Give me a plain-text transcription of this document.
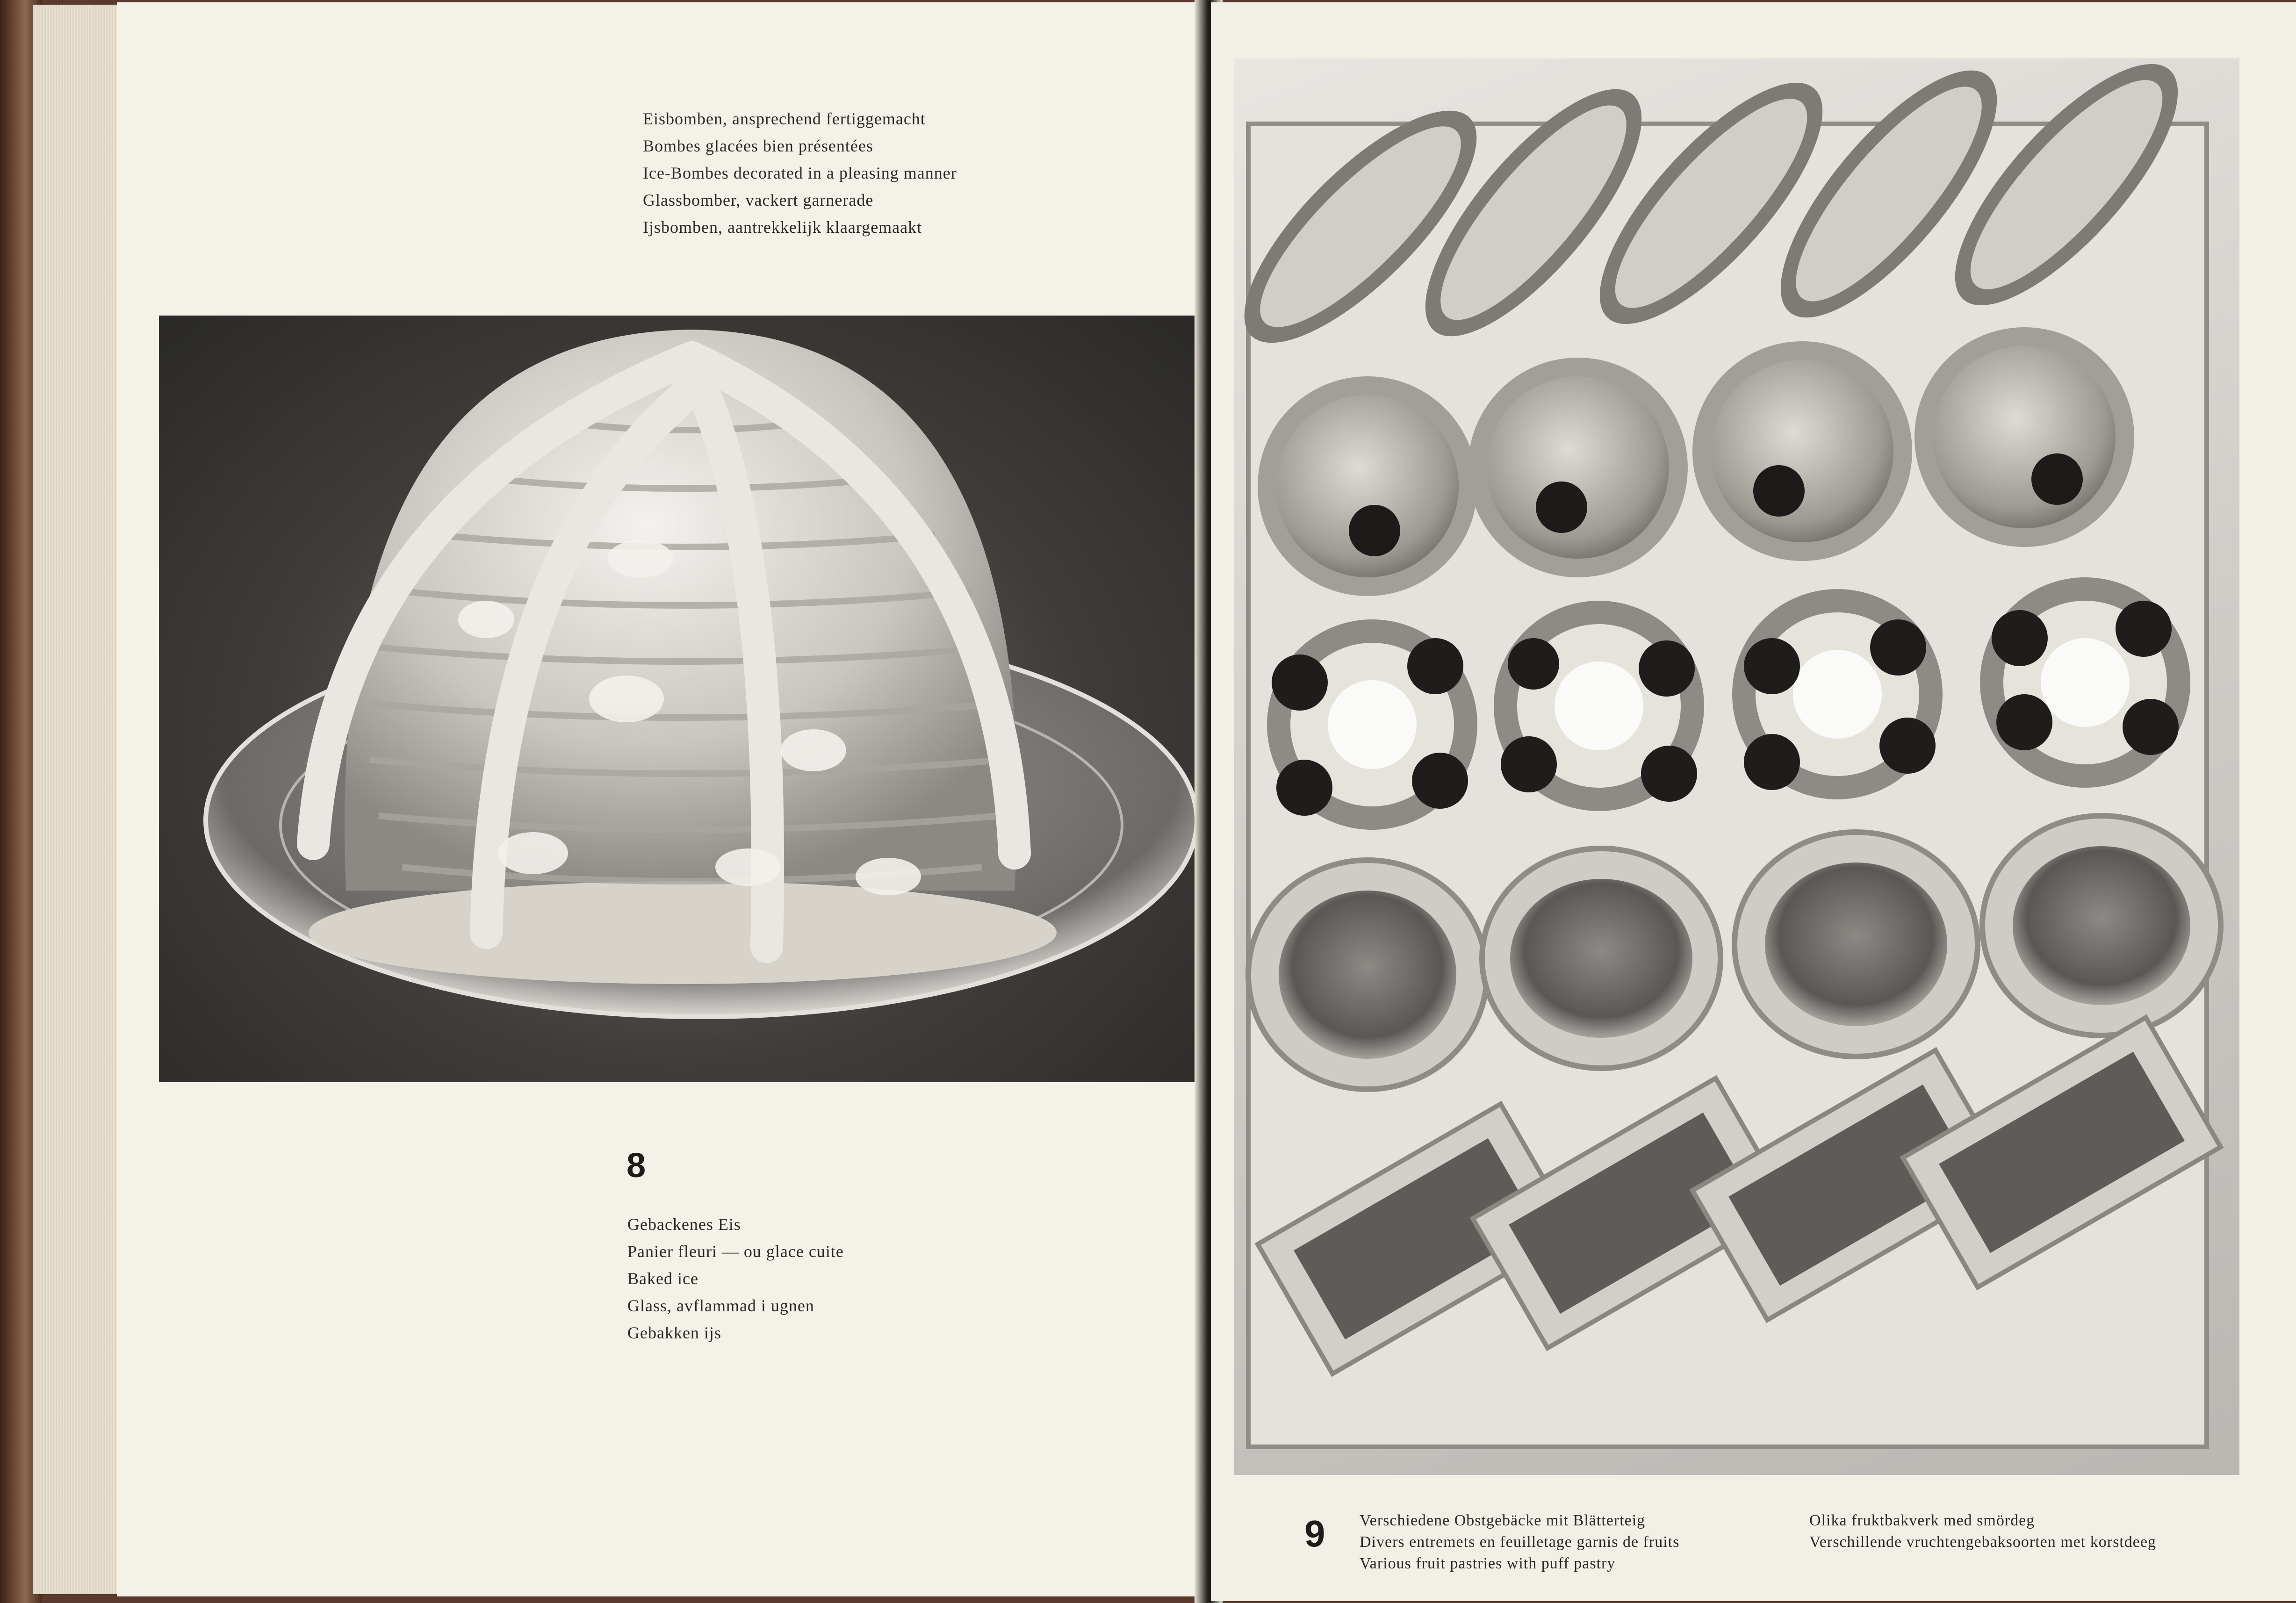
Eisbomben, ansprechend fertiggemacht
Bombes glacées bien présentées
Ice-Bombes decorated in a pleasing manner
Glassbomber, vackert garnerade
Ijsbomben, aantrekkelijk klaargemaakt
8
Gebackenes Eis
Panier fleuri — ou glace cuite
Baked ice
Glass, avflammad i ugnen
Gebakken ijs
9 Verschiedene Obstgebäcke mit Blätterteig
Divers entremets en feuilletage garnis de fruits
Various fruit pastries with puff pastry
Olika fruktbakverk med smördeg
Verschillende vruchtengebaksoorten met korstdeeg
